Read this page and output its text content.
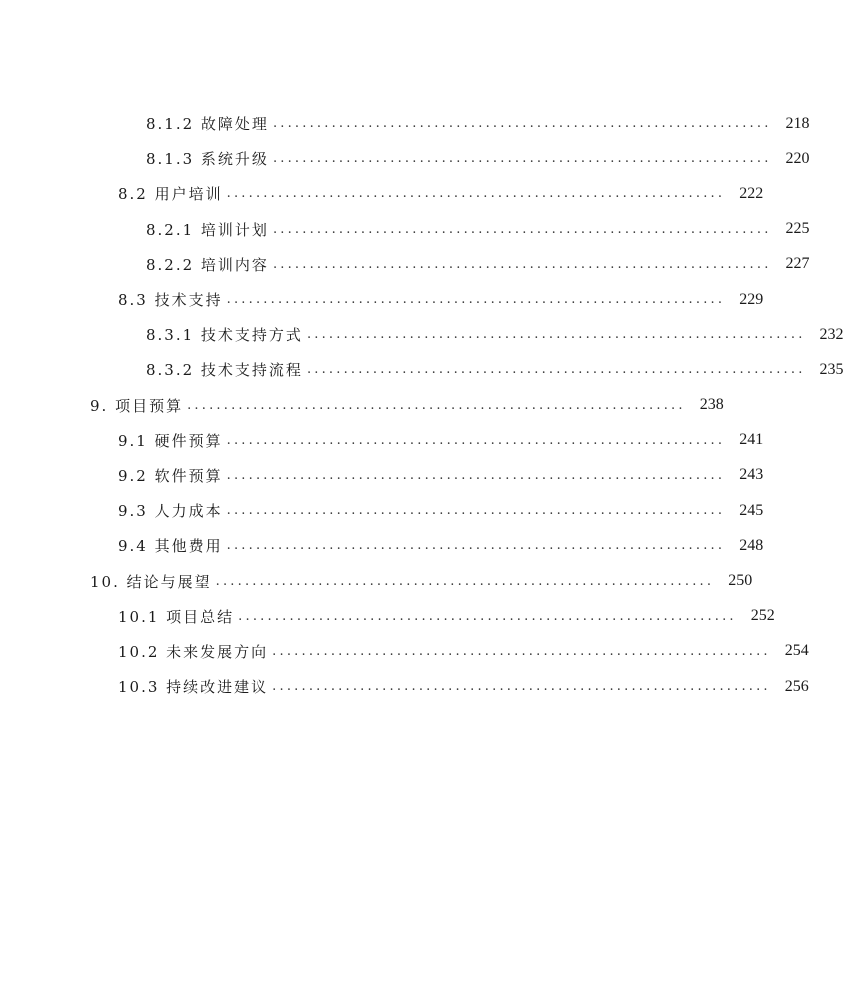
8.1.2 故障处理 .................................................................... 218
8.1.3 系统升级 .................................................................... 220
8.2 用户培训 .................................................................... 222
8.2.1 培训计划 .................................................................... 225
8.2.2 培训内容 .................................................................... 227
8.3 技术支持 .................................................................... 229
8.3.1 技术支持方式 .................................................................... 232
8.3.2 技术支持流程 .................................................................... 235
9. 项目预算 .................................................................... 238
9.1 硬件预算 .................................................................... 241
9.2 软件预算 .................................................................... 243
9.3 人力成本 .................................................................... 245
9.4 其他费用 .................................................................... 248
10. 结论与展望 .................................................................... 250
10.1 项目总结 .................................................................... 252
10.2 未来发展方向 .................................................................... 254
10.3 持续改进建议 .................................................................... 256
